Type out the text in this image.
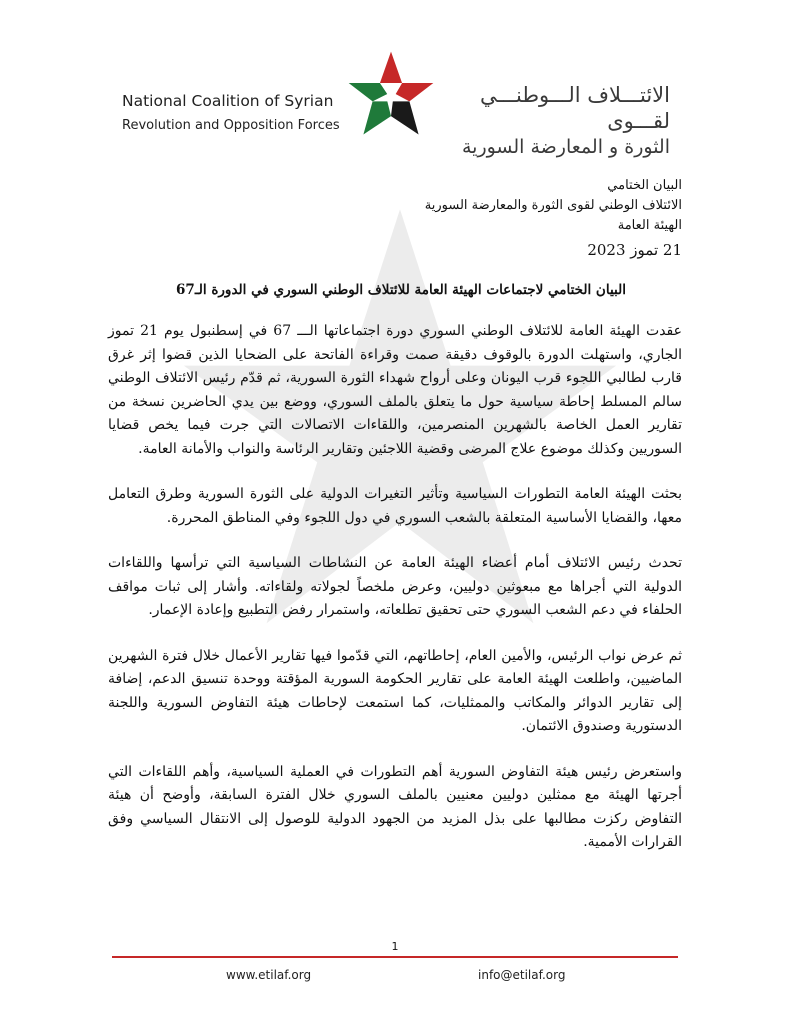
National Coalition of Syrian
Revolution and Opposition Forces
الائتـــلاف الـــوطنـــي لقـــوى
الثورة و المعارضة السورية
البيان الختامي
الائتلاف الوطني لقوى الثورة والمعارضة السورية
الهيئة العامة
21 تموز 2023
البيان الختامي لاجتماعات الهيئة العامة للائتلاف الوطني السوري في الدورة الـ67

عقدت الهيئة العامة للائتلاف الوطني السوري دورة اجتماعاتها الـــ 67 في إسطنبول يوم 21 تموز الجاري، واستهلت الدورة بالوقوف دقيقة صمت وقراءة الفاتحة على الضحايا الذين قضوا إثر غرق قارب لطالبي اللجوء قرب اليونان وعلى أرواح شهداء الثورة السورية، ثم قدّم رئيس الائتلاف الوطني سالم المسلط إحاطة سياسية حول ما يتعلق بالملف السوري، ووضع بين يدي الحاضرين نسخة من تقارير العمل الخاصة بالشهرين المنصرمين، واللقاءات الاتصالات التي جرت فيما يخص قضايا السوريين وكذلك موضوع علاج المرضى وقضية اللاجئين وتقارير الرئاسة والنواب والأمانة العامة.

بحثت الهيئة العامة التطورات السياسية وتأثير التغيرات الدولية على الثورة السورية وطرق التعامل معها، والقضايا الأساسية المتعلقة بالشعب السوري في دول اللجوء وفي المناطق المحررة.

تحدث رئيس الائتلاف أمام أعضاء الهيئة العامة عن النشاطات السياسية التي ترأسها واللقاءات الدولية التي أجراها مع مبعوثين دوليين، وعرض ملخصاً لجولاته ولقاءاته. وأشار إلى ثبات مواقف الحلفاء في دعم الشعب السوري حتى تحقيق تطلعاته، واستمرار رفض التطبيع وإعادة الإعمار.

ثم عرض نواب الرئيس، والأمين العام، إحاطاتهم، التي قدّموا فيها تقارير الأعمال خلال فترة الشهرين الماضيين، واطلعت الهيئة العامة على تقارير الحكومة السورية المؤقتة ووحدة تنسيق الدعم، إضافة إلى تقارير الدوائر والمكاتب والممثليات، كما استمعت لإحاطات هيئة التفاوض السورية واللجنة الدستورية وصندوق الائتمان.

واستعرض رئيس هيئة التفاوض السورية أهم التطورات في العملية السياسية، وأهم اللقاءات التي أجرتها الهيئة مع ممثلين دوليين معنيين بالملف السوري خلال الفترة السابقة، وأوضح أن هيئة التفاوض ركزت مطالبها على بذل المزيد من الجهود الدولية للوصول إلى الانتقال السياسي وفق القرارات الأممية.

1
www.etilaf.org	info@etilaf.org
